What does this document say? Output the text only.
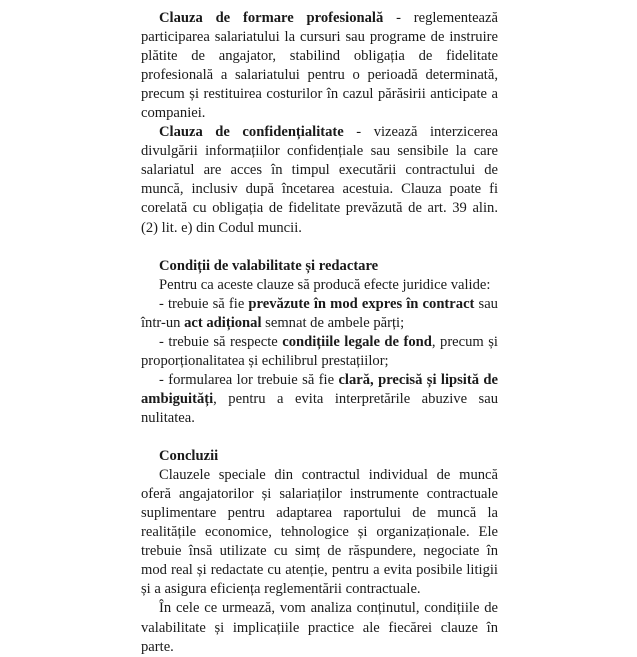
Clauza de formare profesională - reglementează participarea salariatului la cursuri sau programe de instruire plătite de angajator, stabilind obligația de fidelitate profesională a salariatului pentru o perioadă determinată, precum și restituirea costurilor în cazul părăsirii anticipate a companiei.

Clauza de confidențialitate - vizează interzicerea divulgării informațiilor confidențiale sau sensibile la care salariatul are acces în timpul executării contractului de muncă, inclusiv după încetarea acestuia. Clauza poate fi corelată cu obligația de fidelitate prevăzută de art. 39 alin. (2) lit. e) din Codul muncii.

Condiții de valabilitate și redactare

Pentru ca aceste clauze să producă efecte juridice valide:

- trebuie să fie prevăzute în mod expres în contract sau într-un act adițional semnat de ambele părți;

- trebuie să respecte condițiile legale de fond, precum și proporționalitatea și echilibrul prestațiilor;

- formularea lor trebuie să fie clară, precisă și lipsită de ambiguități, pentru a evita interpretările abuzive sau nulitatea.

Concluzii

Clauzele speciale din contractul individual de muncă oferă angajatorilor și salariaților instrumente contractuale suplimentare pentru adaptarea raportului de muncă la realitățile economice, tehnologice și organizaționale. Ele trebuie însă utilizate cu simț de răspundere, negociate în mod real și redactate cu atenție, pentru a evita posibile litigii și a asigura eficiența reglementării contractuale.

În cele ce urmează, vom analiza conținutul, condițiile de valabilitate și implicațiile practice ale fiecărei clauze în parte.
